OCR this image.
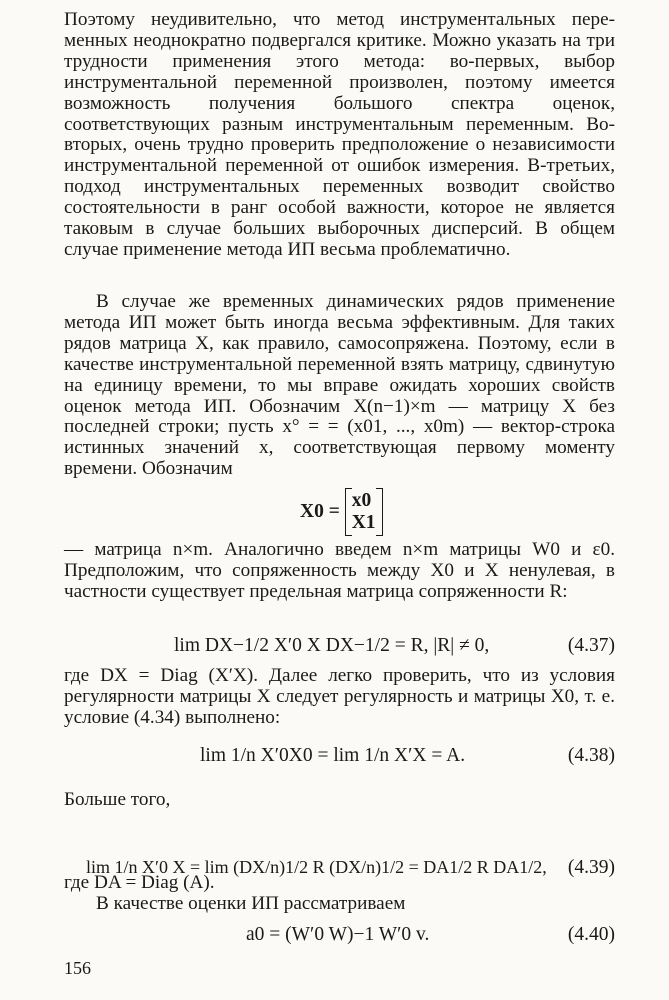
Поэтому неудивительно, что метод инструментальных переменных неоднократно подвергался критике. Можно указать на три трудности применения этого метода: во-первых, выбор инструментальной переменной произволен, поэтому имеется возможность получения большого спектра оценок, соответствующих разным инструментальным переменным. Во-вторых, очень трудно проверить предположение о независимости инструментальной переменной от ошибок измерения. В-третьих, подход инструментальных переменных возводит свойство состоятельности в ранг особой важности, которое не является таковым в случае больших выборочных дисперсий. В общем случае применение метода ИП весьма проблематично.
В случае же временных динамических рядов применение метода ИП может быть иногда весьма эффективным. Для таких рядов матрица X, как правило, самосопряжена. Поэтому, если в качестве инструментальной переменной взять матрицу, сдвинутую на единицу времени, то мы вправе ожидать хороших свойств оценок метода ИП. Обозначим X(n−1)×m — матрицу X без последней строки; пусть x° = = (x01, ..., x0m) — вектор-строка истинных значений x, соответствующая первому моменту времени. Обозначим
X0 =
x0
X1
— матрица n×m. Аналогично введем n×m матрицы W0 и ε0. Предположим, что сопряженность между X0 и X ненулевая, в частности существует предельная матрица сопряженности R:
lim DX−1/2 X′0 X DX−1/2 = R, |R| ≠ 0,	(4.37)
где DX = Diag (X′X). Далее легко проверить, что из условия регулярности матрицы X следует регулярность и матрицы X0, т. е. условие (4.34) выполнено:
lim 1/n X′0X0 = lim 1/n X′X = A.	(4.38)
Больше того,
lim 1/n X′0 X = lim (DX/n)1/2 R (DX/n)1/2 = DA1/2 R DA1/2, (4.39)
где DA = Diag (A).
В качестве оценки ИП рассматриваем
a0 = (W′0 W)−1 W′0 v.	(4.40)
156
